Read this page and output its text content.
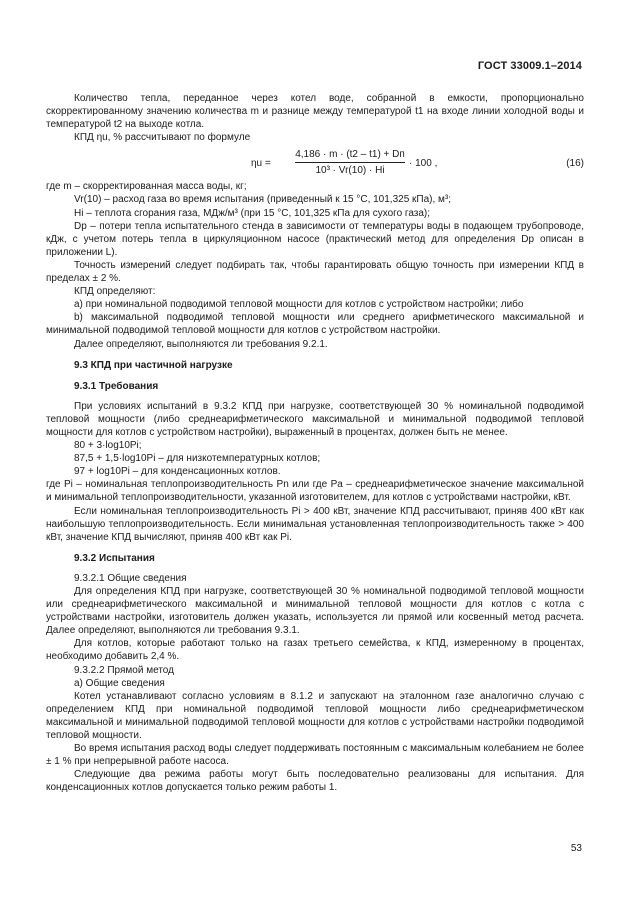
ГОСТ 33009.1–2014

Количество тепла, переданное через котел воде, собранной в емкости, пропорционально скорректированному значению количества m и разнице между температурой t1 на входе линии холодной воды и температурой t2 на выходе котла.

КПД ηu, % рассчитывают по формуле

ηu =
4,186 · m · (t2 – t1) + Dп
10³ · Vr(10) · Hi
· 100 ,	(16)

где m – скорректированная масса воды, кг;

Vr(10) – расход газа во время испытания (приведенный к 15 °С, 101,325 кПа), м³;

Hi – теплота сгорания газа, МДж/м³ (при 15 °С, 101,325 кПа для сухого газа);

Dp – потери тепла испытательного стенда в зависимости от температуры воды в подающем трубопроводе, кДж, с учетом потерь тепла в циркуляционном насосе (практический метод для определения Dp описан в приложении L).

Точность измерений следует подбирать так, чтобы гарантировать общую точность при измерении КПД в пределах ± 2 %.

КПД определяют:

a) при номинальной подводимой тепловой мощности для котлов с устройством настройки; либо

b) максимальной подводимой тепловой мощности или среднего арифметического максимальной и минимальной подводимой тепловой мощности для котлов с устройством настройки.

Далее определяют, выполняются ли требования 9.2.1.

9.3 КПД при частичной нагрузке

9.3.1 Требования

При условиях испытаний в 9.3.2 КПД при нагрузке, соответствующей 30 % номинальной подводимой тепловой мощности (либо среднеарифметического максимальной и минимальной подводимой тепловой мощности для котлов с устройством настройки), выраженный в процентах, должен быть не менее.

80 + 3·log10Pi;

87,5 + 1,5·log10Pi – для низкотемпературных котлов;

97 + log10Pi – для конденсационных котлов.

где Pi – номинальная теплопроизводительность Pn или где Pa – среднеарифметическое значение максимальной и минимальной теплопроизводительности, указанной изготовителем, для котлов с устройствами настройки, кВт.

Если номинальная теплопроизводительность Pi > 400 кВт, значение КПД рассчитывают, приняв 400 кВт как наибольшую теплопроизводительность. Если минимальная установленная теплопроизводительность также > 400 кВт, значение КПД вычисляют, приняв 400 кВт как Pi.

9.3.2 Испытания

9.3.2.1 Общие сведения

Для определения КПД при нагрузке, соответствующей 30 % номинальной подводимой тепловой мощности или среднеарифметического максимальной и минимальной тепловой мощности для котлов с котла с устройствами настройки, изготовитель должен указать, используется ли прямой или косвенный метод расчета. Далее определяют, выполняются ли требования 9.3.1.

Для котлов, которые работают только на газах третьего семейства, к КПД, измеренному в процентах, необходимо добавить 2,4 %.

9.3.2.2 Прямой метод

а) Общие сведения

Котел устанавливают согласно условиям в 8.1.2 и запускают на эталонном газе аналогично случаю с определением КПД при номинальной подводимой тепловой мощности либо среднеарифметическом максимальной и минимальной подводимой тепловой мощности для котлов с устройствами настройки подводимой тепловой мощности.

Во время испытания расход воды следует поддерживать постоянным с максимальным колебанием не более ± 1 % при непрерывной работе насоса.

Следующие два режима работы могут быть последовательно реализованы для испытания. Для конденсационных котлов допускается только режим работы 1.

53
